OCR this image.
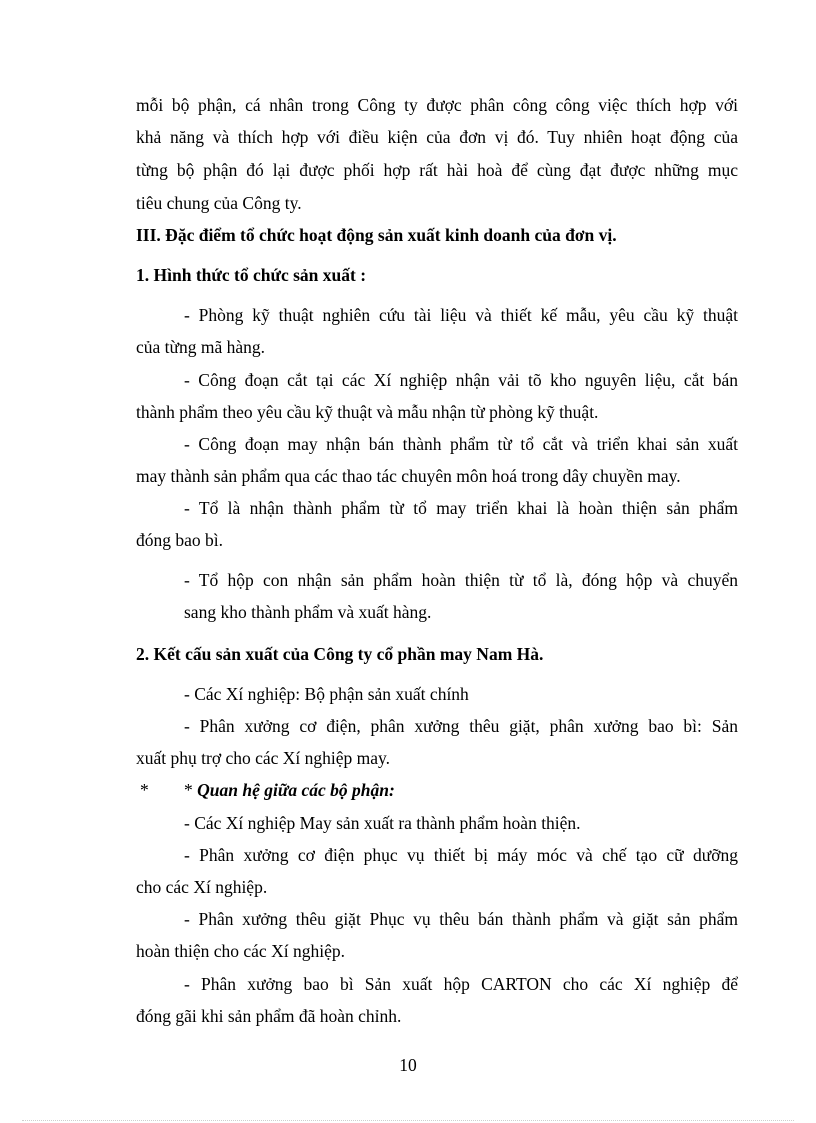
mỗi bộ phận, cá nhân trong Công ty được phân công công việc thích hợp với
khả năng và thích hợp với điều kiện của đơn vị đó. Tuy nhiên hoạt động của
từng bộ phận đó lại được phối hợp rất hài hoà để cùng đạt được những mục
tiêu chung của Công ty.
III. Đặc điểm tổ chức hoạt động sản xuất kinh doanh của đơn vị.
1. Hình thức tổ chức sản xuất :
- Phòng kỹ thuật nghiên cứu tài liệu và thiết kế mẫu, yêu cầu kỹ thuật
của từng mã hàng.
- Công đoạn cắt tại các Xí nghiệp nhận vải tõ kho nguyên liệu, cắt bán
thành phẩm theo yêu cầu kỹ thuật và mẫu nhận từ phòng kỹ thuật.
- Công đoạn may nhận bán thành phẩm từ tổ cắt và triển khai sản xuất
may thành sản phẩm qua các thao tác chuyên môn hoá trong dây chuyền may.
- Tổ là nhận thành phẩm từ tổ may triển khai là hoàn thiện sản phẩm
đóng bao bì.
- Tổ hộp con nhận sản phẩm hoàn thiện từ tổ là, đóng hộp và chuyển
sang kho thành phẩm và xuất hàng.
2. Kết cấu sản xuất của Công ty cổ phần may Nam Hà.
- Các Xí nghiệp: Bộ phận sản xuất chính
- Phân xưởng cơ điện, phân xưởng thêu giặt, phân xưởng bao bì: Sản
xuất phụ trợ cho các Xí nghiệp may.
*	* Quan hệ giữa các bộ phận:
- Các Xí nghiệp May sản xuất ra thành phẩm hoàn thiện.
- Phân xưởng cơ điện phục vụ thiết bị máy móc và chế tạo cữ dưỡng
cho các Xí nghiệp.
- Phân xưởng thêu giặt Phục vụ thêu bán thành phẩm và giặt sản phẩm
hoàn thiện cho các Xí nghiệp.
- Phân xưởng bao bì Sản xuất hộp CARTON cho các Xí nghiệp để
đóng gãi khi sản phẩm đã hoàn chỉnh.
10
